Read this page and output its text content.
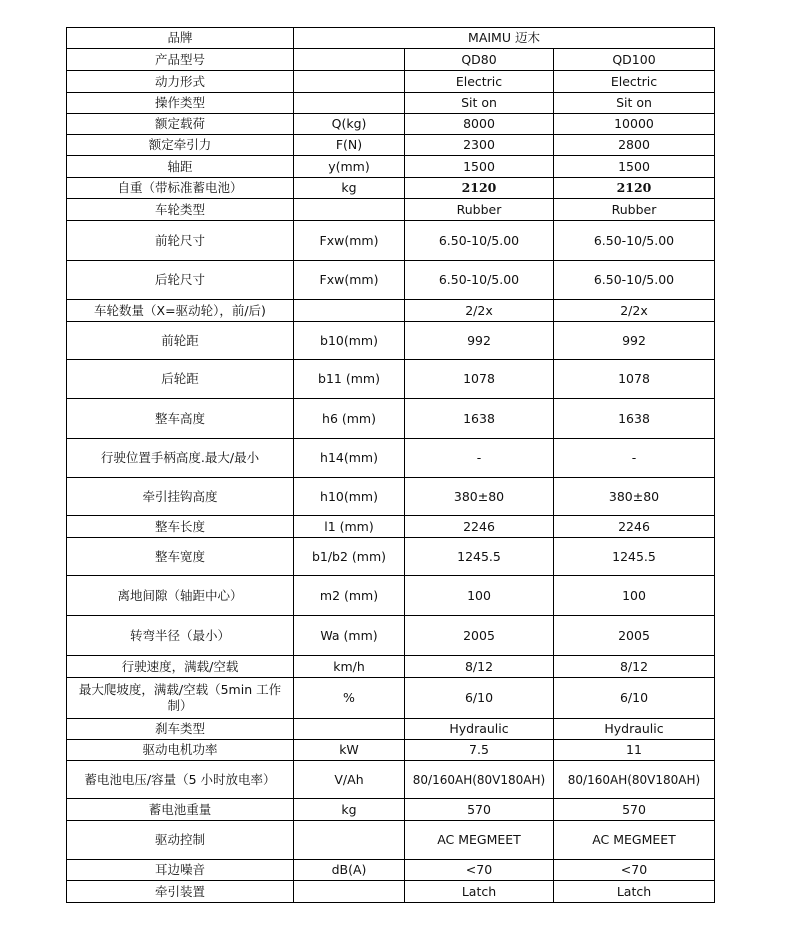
品牌	MAIMU 迈木		
产品型号		QD80	QD100
动力形式		Electric	Electric
操作类型		Sit on	Sit on
额定载荷	Q(kg)	8000	10000
额定牵引力	F(N)	2300	2800
轴距	y(mm)	1500	1500
自重（带标准蓄电池）	kg	2120	2120
车轮类型		Rubber	Rubber
前轮尺寸	Fxw(mm)	6.50-10/5.00	6.50-10/5.00
后轮尺寸	Fxw(mm)	6.50-10/5.00	6.50-10/5.00
车轮数量（X=驱动轮），前/后)		2/2x	2/2x
前轮距	b10(mm)	992	992
后轮距	b11 (mm)	1078	1078
整车高度	h6 (mm)	1638	1638
行驶位置手柄高度.最大/最小	h14(mm)	-	-
牵引挂钩高度	h10(mm)	380±80	380±80
整车长度	l1 (mm)	2246	2246
整车宽度	b1/b2 (mm)	1245.5	1245.5
离地间隙（轴距中心）	m2 (mm)	100	100
转弯半径（最小）	Wa (mm)	2005	2005
行驶速度，满载/空载	km/h	8/12	8/12
最大爬坡度，满载/空载（5min 工作制）	%	6/10	6/10
刹车类型		Hydraulic	Hydraulic
驱动电机功率	kW	7.5	11
蓄电池电压/容量（5 小时放电率）	V/Ah	80/160AH(80V180AH)	80/160AH(80V180AH)
蓄电池重量	kg	570	570
驱动控制		AC MEGMEET	AC MEGMEET
耳边噪音	dB(A)	<70	<70
牵引装置		Latch	Latch
